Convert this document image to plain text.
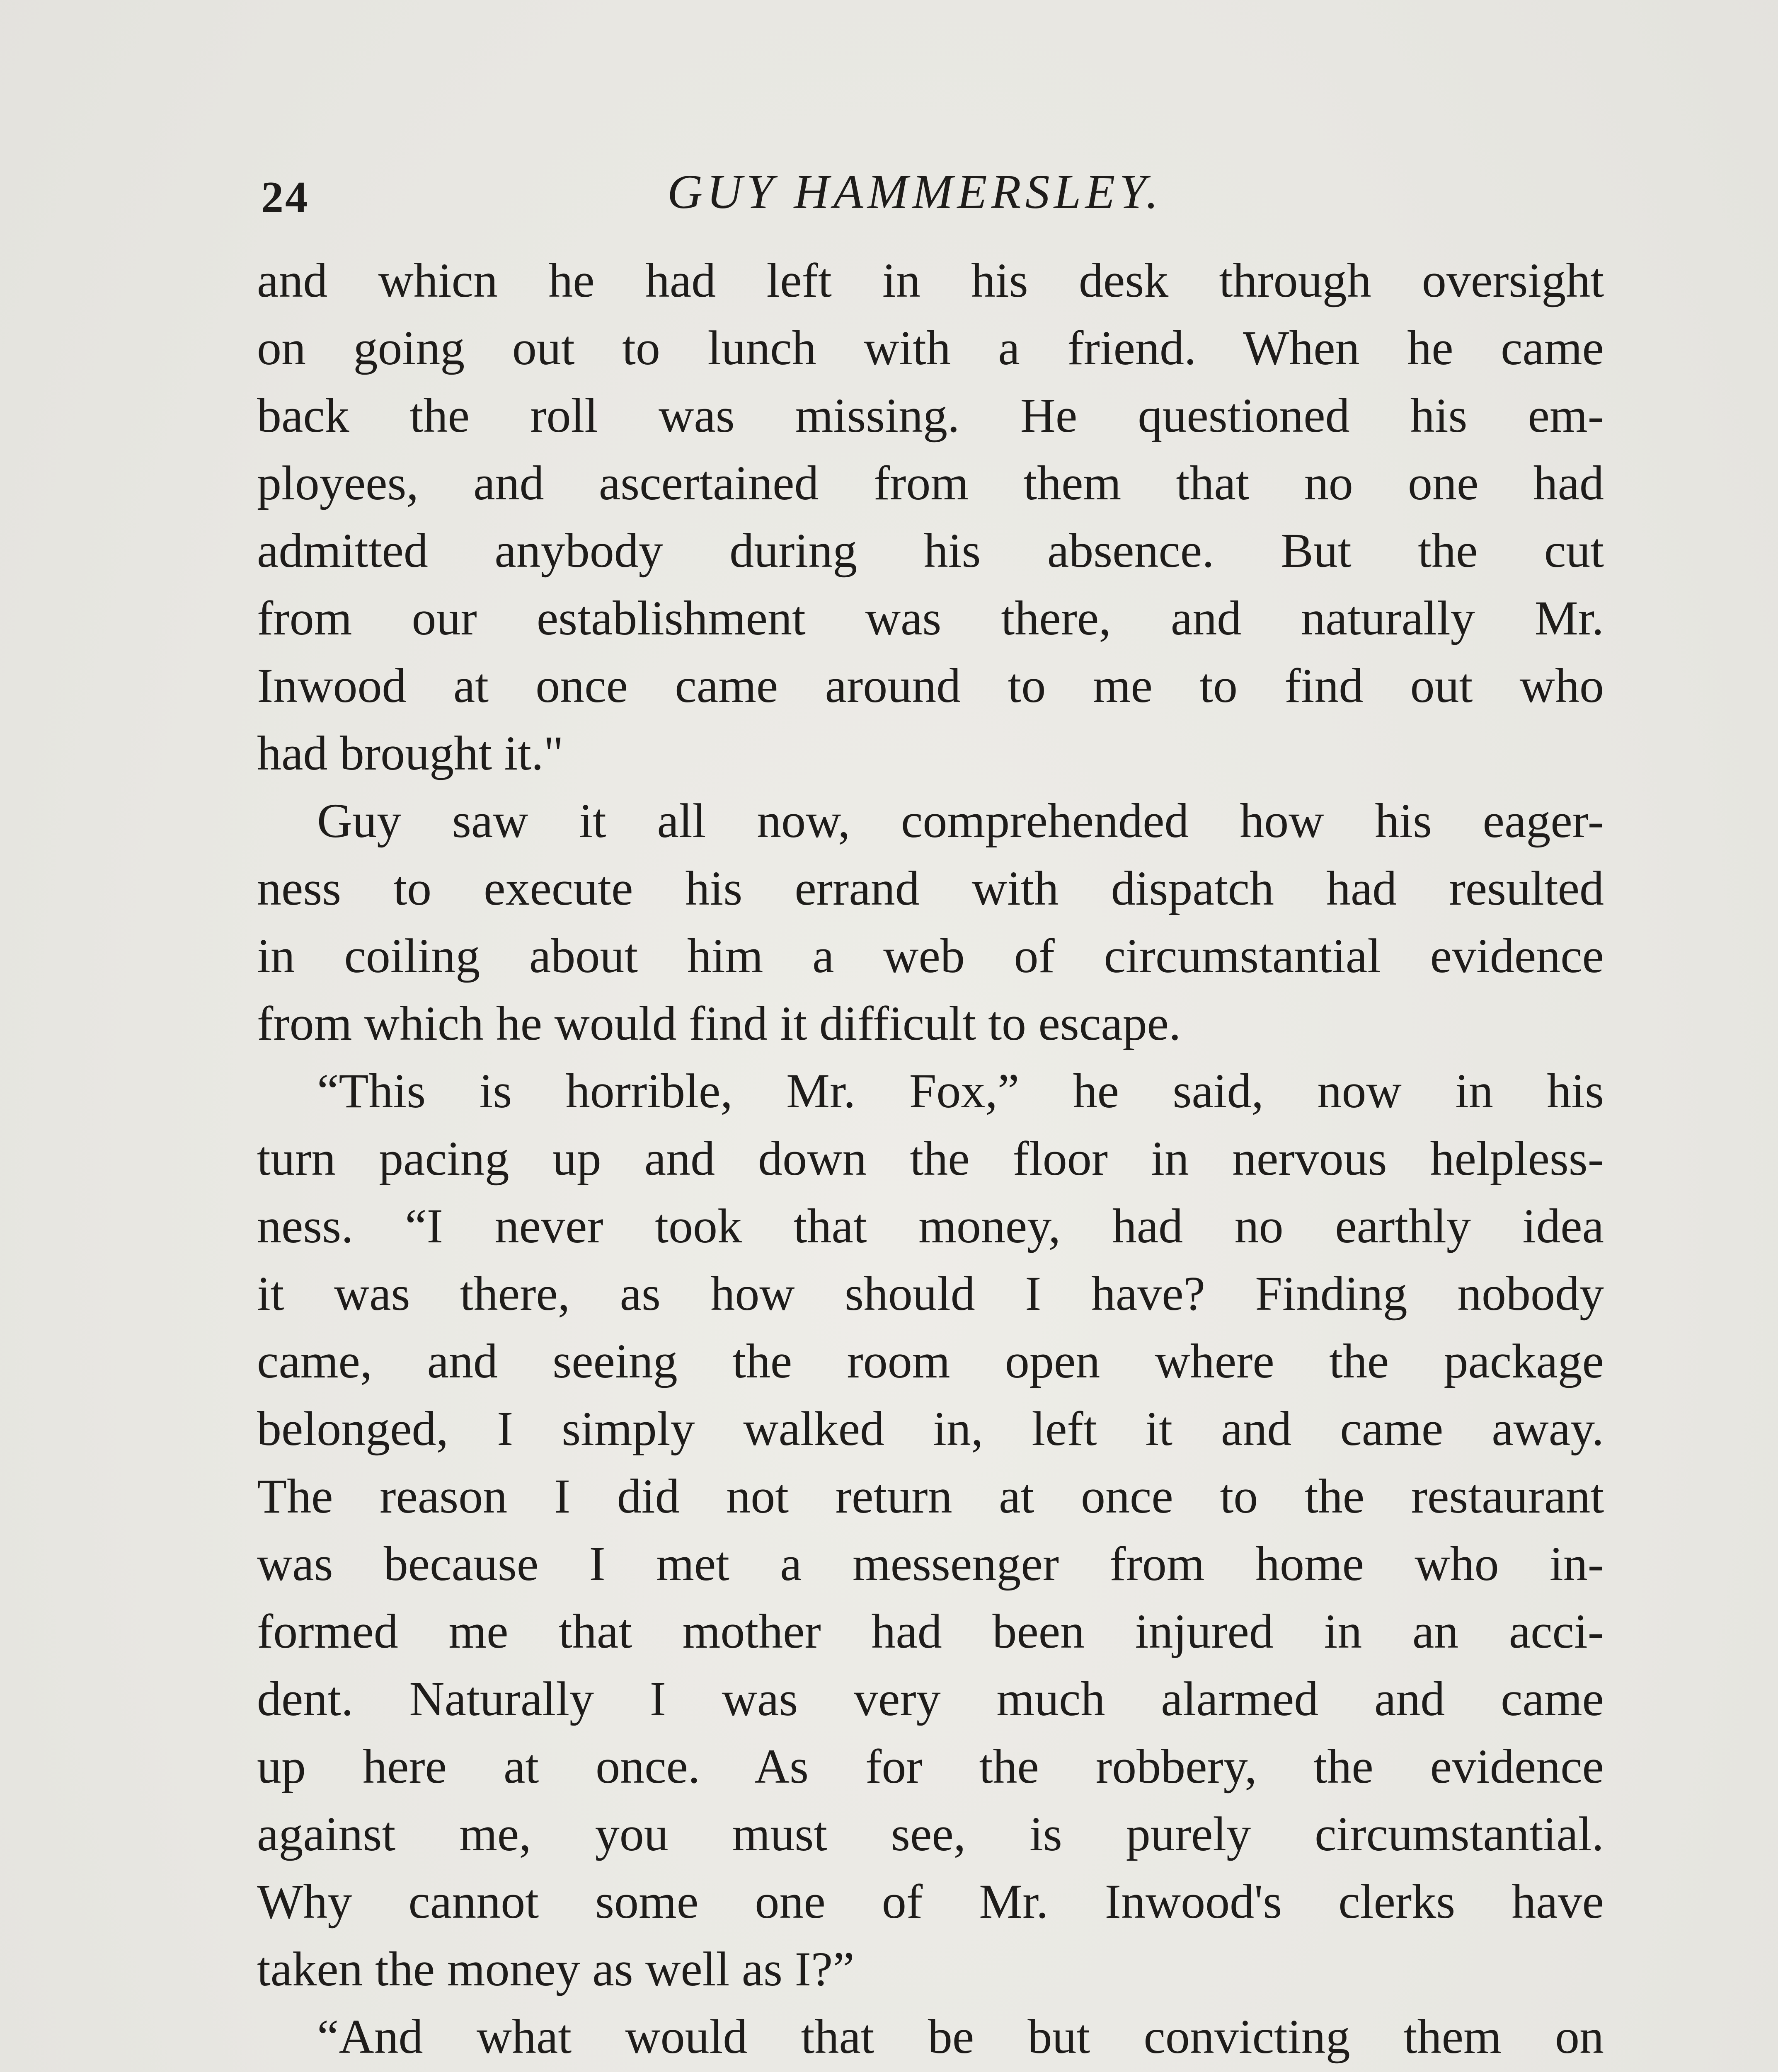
24	GUY HAMMERSLEY.
and whicn he had left in his desk through oversight
on going out to lunch with a friend. When he came
back the roll was missing. He questioned his em-
ployees, and ascertained from them that no one had
admitted anybody during his absence. But the cut
from our establishment was there, and naturally Mr.
Inwood at once came around to me to find out who
had brought it."
Guy saw it all now, comprehended how his eager-
ness to execute his errand with dispatch had resulted
in coiling about him a web of circumstantial evidence
from which he would find it difficult to escape.
“This is horrible, Mr. Fox,” he said, now in his
turn pacing up and down the floor in nervous helpless-
ness. “I never took that money, had no earthly idea
it was there, as how should I have? Finding nobody
came, and seeing the room open where the package
belonged, I simply walked in, left it and came away.
The reason I did not return at once to the restaurant
was because I met a messenger from home who in-
formed me that mother had been injured in an acci-
dent. Naturally I was very much alarmed and came
up here at once. As for the robbery, the evidence
against me, you must see, is purely circumstantial.
Why cannot some one of Mr. Inwood's clerks have
taken the money as well as I?”
“And what would that be but convicting them on
